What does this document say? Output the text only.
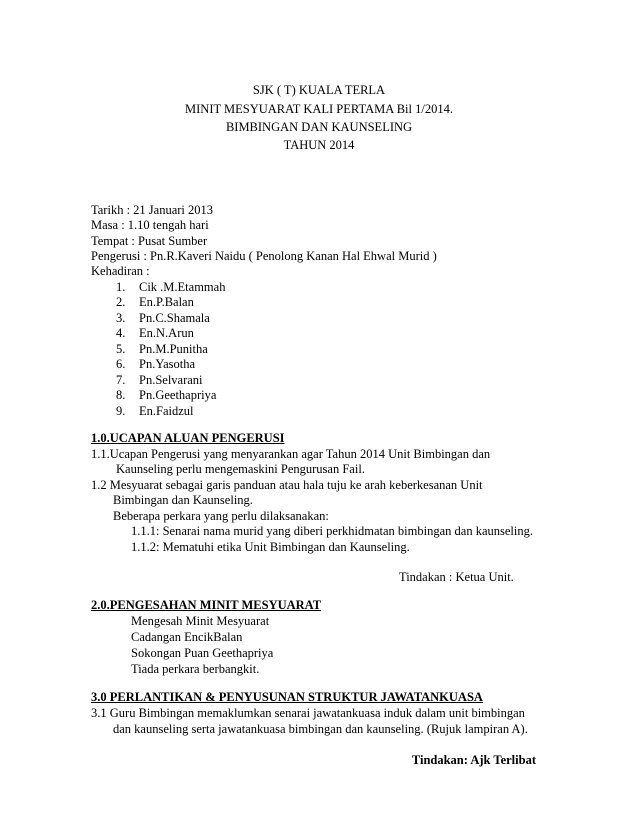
SJK ( T) KUALA TERLA
MINIT MESYUARAT KALI PERTAMA Bil 1/2014.
BIMBINGAN DAN KAUNSELING
TAHUN 2014
Tarikh : 21 Januari 2013
Masa : 1.10 tengah hari
Tempat : Pusat Sumber
Pengerusi : Pn.R.Kaveri Naidu ( Penolong Kanan Hal Ehwal Murid )
Kehadiran :
1. Cik .M.Etammah
2. En.P.Balan
3. Pn.C.Shamala
4. En.N.Arun
5. Pn.M.Punitha
6. Pn.Yasotha
7. Pn.Selvarani
8. Pn.Geethapriya
9. En.Faidzul
1.0.UCAPAN ALUAN PENGERUSI
1.1.Ucapan Pengerusi yang menyarankan agar Tahun 2014 Unit Bimbingan dan
Kaunseling perlu mengemaskini Pengurusan Fail.
1.2 Mesyuarat sebagai garis panduan atau hala tuju ke arah keberkesanan Unit
Bimbingan dan Kaunseling.
Beberapa perkara yang perlu dilaksanakan:
1.1.1: Senarai nama murid yang diberi perkhidmatan bimbingan dan kaunseling.
1.1.2: Mematuhi etika Unit Bimbingan dan Kaunseling.
Tindakan : Ketua Unit.
2.0.PENGESAHAN MINIT MESYUARAT
Mengesah Minit Mesyuarat
Cadangan EncikBalan
Sokongan Puan Geethapriya
Tiada perkara berbangkit.
3.0 PERLANTIKAN & PENYUSUNAN STRUKTUR JAWATANKUASA
3.1 Guru Bimbingan memaklumkan senarai jawatankuasa induk dalam unit bimbingan
dan kaunseling serta jawatankuasa bimbingan dan kaunseling. (Rujuk lampiran A).
Tindakan: Ajk Terlibat
